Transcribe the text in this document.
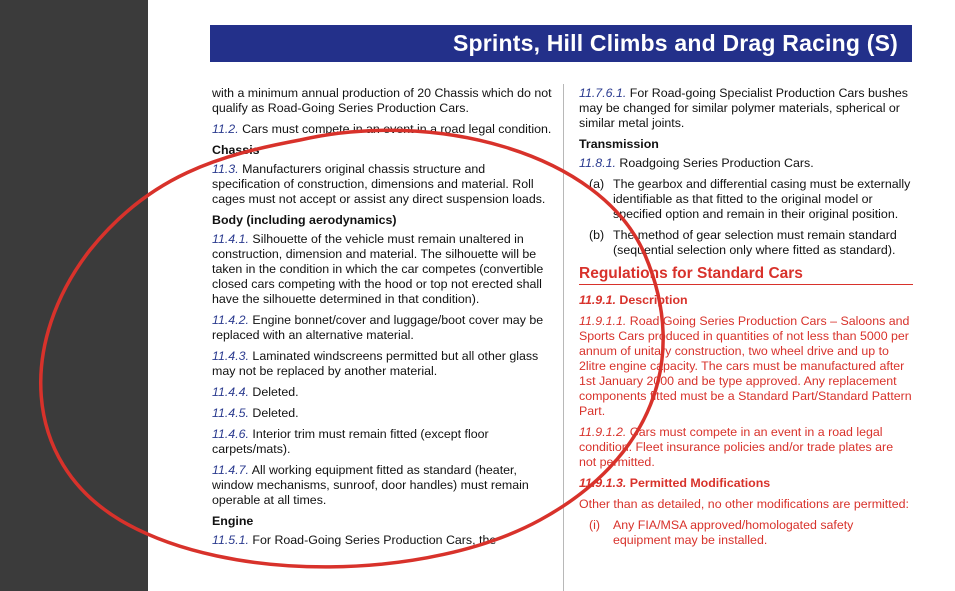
Sprints, Hill Climbs and Drag Racing (S)

with a minimum annual production of 20 Chassis which do not qualify as Road-Going Series Production Cars.

11.2. Cars must compete in an event in a road legal condition.

Chassis

11.3. Manufacturers original chassis structure and specification of construction, dimensions and material. Roll cages must not accept or assist any direct suspension loads.

Body (including aerodynamics)

11.4.1. Silhouette of the vehicle must remain unaltered in construction, dimension and material. The silhouette will be taken in the condition in which the car competes (convertible closed cars competing with the hood or top not erected shall have the silhouette determined in that condition).

11.4.2. Engine bonnet/cover and luggage/boot cover may be replaced with an alternative material.

11.4.3. Laminated windscreens permitted but all other glass may not be replaced by another material.

11.4.4. Deleted.

11.4.5. Deleted.

11.4.6. Interior trim must remain fitted (except floor carpets/mats).

11.4.7. All working equipment fitted as standard (heater, window mechanisms, sunroof, door handles) must remain operable at all times.

Engine

11.5.1. For Road-Going Series Production Cars, the

11.7.6.1. For Road-going Specialist Production Cars bushes may be changed for similar polymer materials, spherical or similar metal joints.

Transmission

11.8.1. Roadgoing Series Production Cars.

(a) The gearbox and differential casing must be externally identifiable as that fitted to the original model or specified option and remain in their original position.
(b) The method of gear selection must remain standard (sequential selection only where fitted as standard).

Regulations for Standard Cars

11.9.1. Description

11.9.1.1. Road Going Series Production Cars – Saloons and Sports Cars produced in quantities of not less than 5000 per annum of unitary construction, two wheel drive and up to 2litre engine capacity. The cars must be manufactured after 1st January 2000 and be type approved. Any replacement components fitted must be a Standard Part/Standard Pattern Part.

11.9.1.2. Cars must compete in an event in a road legal condition. Fleet insurance policies and/or trade plates are not permitted.

11.9.1.3. Permitted Modifications

Other than as detailed, no other modifications are permitted:

(i) Any FIA/MSA approved/homologated safety equipment may be installed.
